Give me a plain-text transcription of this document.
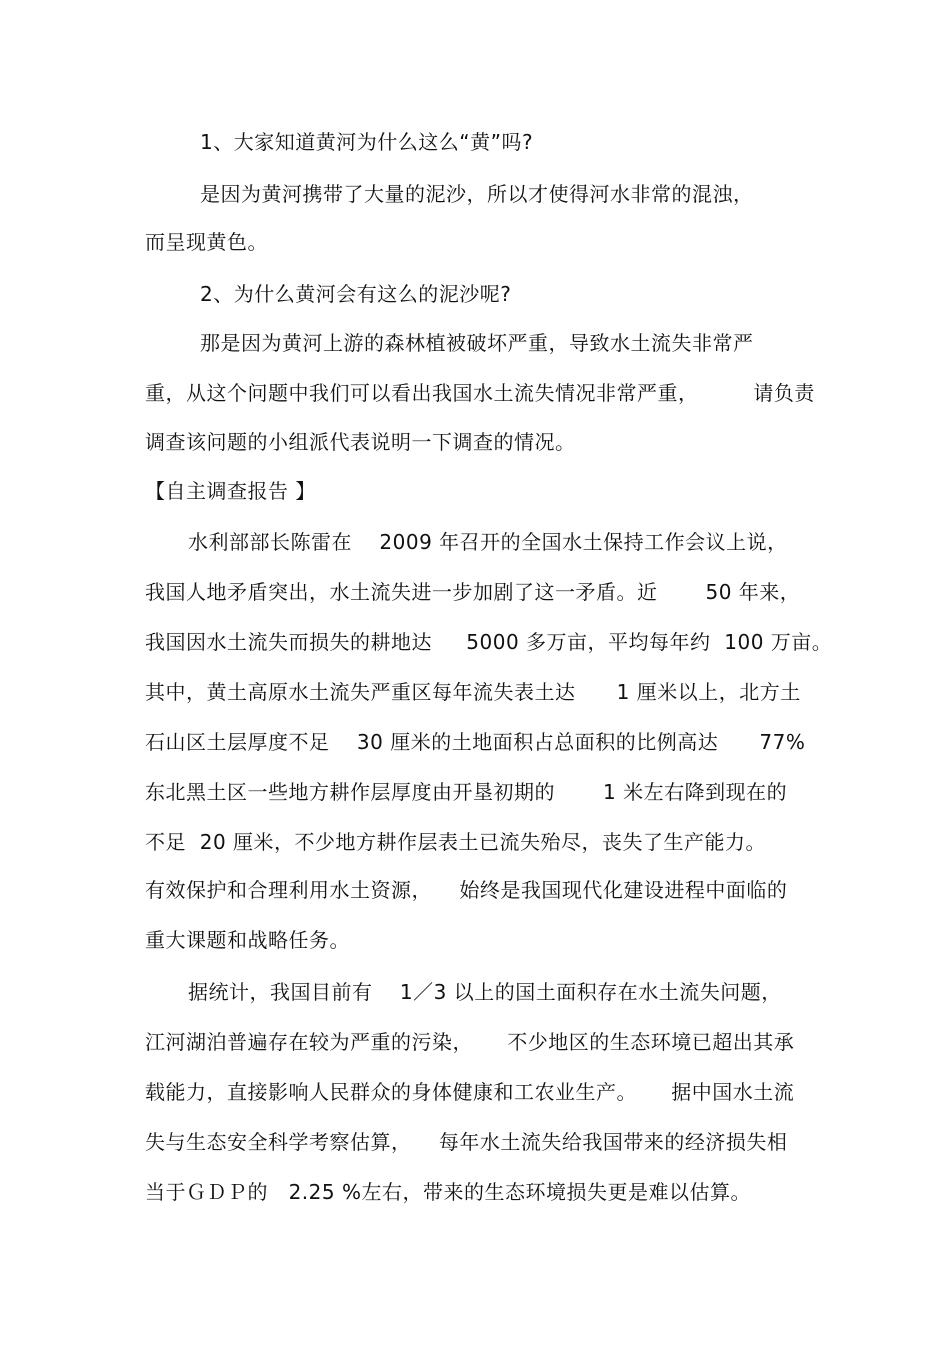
1、大家知道黄河为什么这么“黄”吗?
是因为黄河携带了大量的泥沙，所以才使得河水非常的混浊，
而呈现黄色。
2、为什么黄河会有这么的泥沙呢?
那是因为黄河上游的森林植被破坏严重，导致水土流失非常严
重，从这个问题中我们可以看出我国水土流失情况非常严重，        请负责
调查该问题的小组派代表说明一下调查的情况。
【自主调查报告 】
水利部部长陈雷在    2009 年召开的全国水土保持工作会议上说，
我国人地矛盾突出，水土流失进一步加剧了这一矛盾。近       50 年来，
我国因水土流失而损失的耕地达     5000 多万亩，平均每年约  100 万亩。
其中，黄土高原水土流失严重区每年流失表土达      1 厘米以上，北方土
石山区土层厚度不足    30 厘米的土地面积占总面积的比例高达      77%
东北黑土区一些地方耕作层厚度由开垦初期的       1 米左右降到现在的
不足  20 厘米，不少地方耕作层表土已流失殆尽，丧失了生产能力。
有效保护和合理利用水土资源，    始终是我国现代化建设进程中面临的
重大课题和战略任务。
据统计，我国目前有    1／3 以上的国土面积存在水土流失问题，
江河湖泊普遍存在较为严重的污染，     不少地区的生态环境已超出其承
载能力，直接影响人民群众的身体健康和工农业生产。     据中国水土流
失与生态安全科学考察估算，    每年水土流失给我国带来的经济损失相
当于ＧＤＰ的   2.25 %左右，带来的生态环境损失更是难以估算。
